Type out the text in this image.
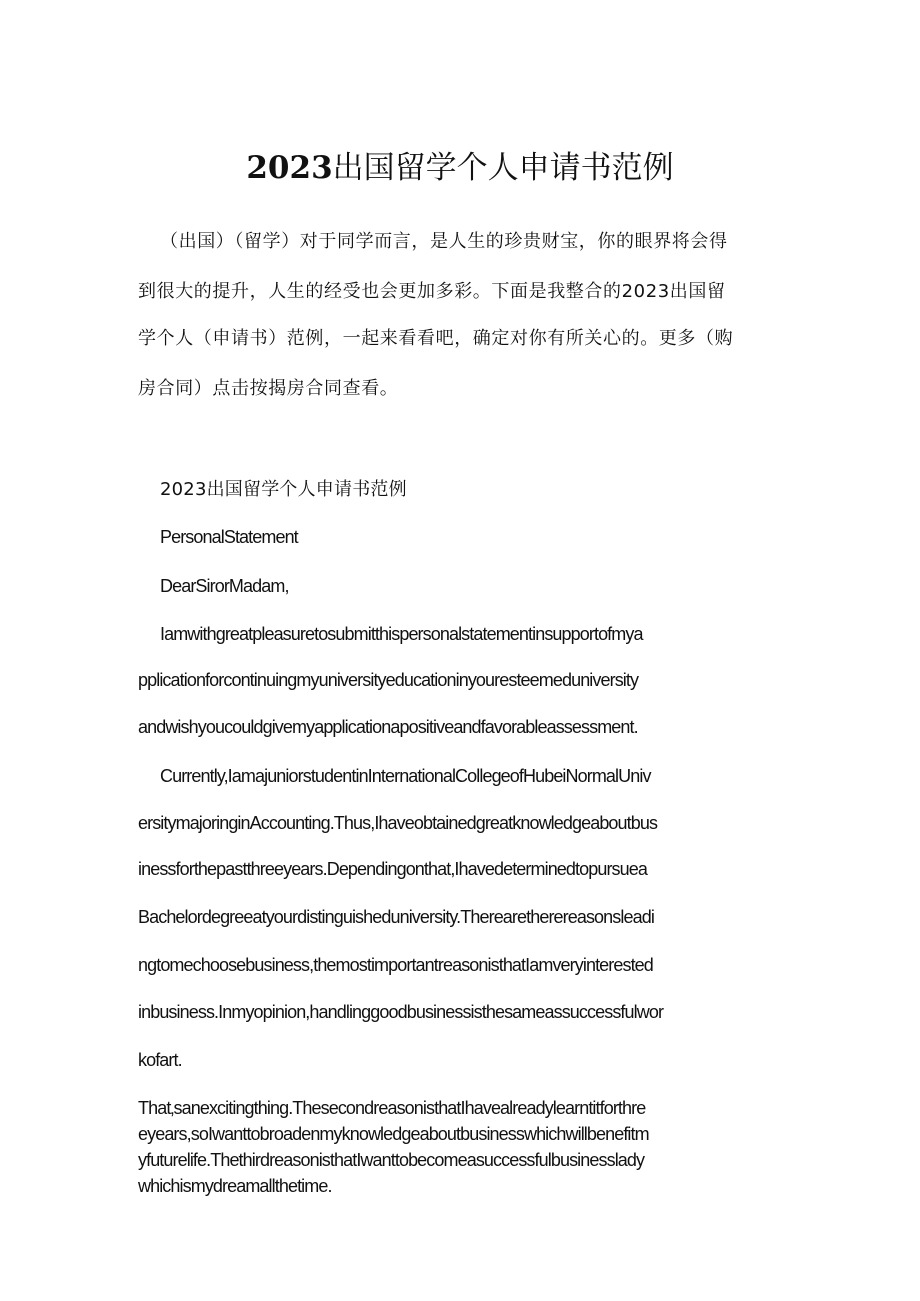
2023出国留学个人申请书范例

（出国）（留学）对于同学而言，是人生的珍贵财宝，你的眼界将会得

到很大的提升，人生的经受也会更加多彩。下面是我整合的2023出国留

学个人（申请书）范例，一起来看看吧，确定对你有所关心的。更多（购

房合同）点击按揭房合同查看。

2023出国留学个人申请书范例

PersonalStatement

DearSirorMadam,

Iamwithgreatpleasuretosubmitthispersonalstatementinsupportofmya

pplicationforcontinuingmyuniversityeducationinyouresteemeduniversity

andwishyoucouldgivemyapplicationapositiveandfavorableassessment.

Currently,IamajuniorstudentinInternationalCollegeofHubeiNormalUniv

ersitymajoringinAccounting.Thus,Ihaveobtainedgreatknowledgeaboutbus

inessforthepastthreeyears.Dependingonthat,Ihavedeterminedtopursuea

Bachelordegreeatyourdistinguisheduniversity.Therearetherereasonsleadi

ngtomechoosebusiness,themostimportantreasonisthatIamveryinterested

inbusiness.Inmyopinion,handlinggoodbusinessisthesameassuccessfulwor

kofart.

That‚sanexcitingthing.ThesecondreasonisthatIhavealreadylearntitforthre

eyears,soIwanttobroadenmyknowledgeaboutbusinesswhichwillbenefitm

yfuturelife.ThethirdreasonisthatIwanttobecomeasuccessfulbusinesslady

whichismydreamallthetime.
